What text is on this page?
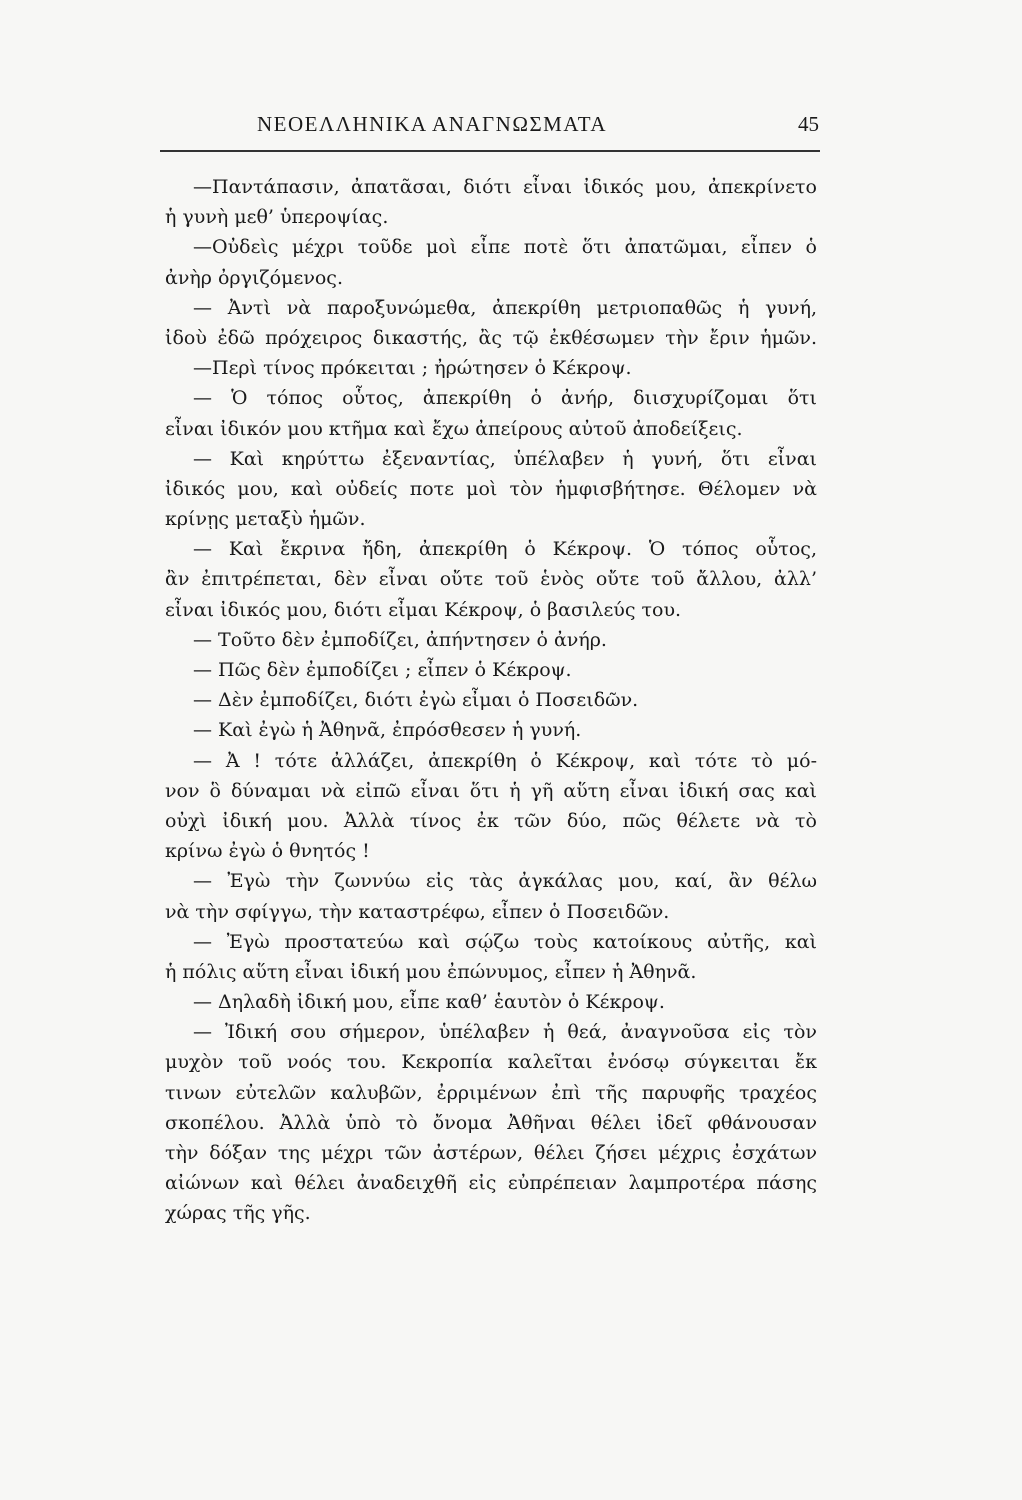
ΝΕΟΕΛΛΗΝΙΚΑ ΑΝΑΓΝΩΣΜΑΤΑ	45
—Παντάπασιν, ἀπατᾶσαι, διότι εἶναι ἰδικός μου, ἀπεκρίνετο
ἡ γυνὴ μεθ’ ὑπεροψίας.
—Οὐδεὶς μέχρι τοῦδε μοὶ εἶπε ποτὲ ὅτι ἀπατῶμαι, εἶπεν ὁ
ἀνὴρ ὀργιζόμενος.
— Ἀντὶ νὰ παροξυνώμεθα, ἀπεκρίθη μετριοπαθῶς ἡ γυνή,
ἰδοὺ ἐδῶ πρόχειρος δικαστής, ἂς τῷ ἐκθέσωμεν τὴν ἔριν ἡμῶν.
—Περὶ τίνος πρόκειται ; ἠρώτησεν ὁ Κέκροψ.
— Ὁ τόπος οὗτος, ἀπεκρίθη ὁ ἀνήρ, διισχυρίζομαι ὅτι
εἶναι ἰδικόν μου κτῆμα καὶ ἔχω ἀπείρους αὐτοῦ ἀποδείξεις.
— Καὶ κηρύττω ἐξεναντίας, ὑπέλαβεν ἡ γυνή, ὅτι εἶναι
ἰδικός μου, καὶ οὐδείς ποτε μοὶ τὸν ἡμφισβήτησε. Θέλομεν νὰ
κρίνῃς μεταξὺ ἡμῶν.
— Καὶ ἔκρινα ἤδη, ἀπεκρίθη ὁ Κέκροψ. Ὁ τόπος οὗτος,
ἂν ἐπιτρέπεται, δὲν εἶναι οὔτε τοῦ ἑνὸς οὔτε τοῦ ἄλλου, ἀλλ’
εἶναι ἰδικός μου, διότι εἶμαι Κέκροψ, ὁ βασιλεύς του.
— Τοῦτο δὲν ἐμποδίζει, ἀπήντησεν ὁ ἀνήρ.
— Πῶς δὲν ἐμποδίζει ; εἶπεν ὁ Κέκροψ.
— Δὲν ἐμποδίζει, διότι ἐγὼ εἶμαι ὁ Ποσειδῶν.
— Καὶ ἐγὼ ἡ Ἀθηνᾶ, ἐπρόσθεσεν ἡ γυνή.
— Ἀ ! τότε ἀλλάζει, ἀπεκρίθη ὁ Κέκροψ, καὶ τότε τὸ μό-
νον ὃ δύναμαι νὰ εἰπῶ εἶναι ὅτι ἡ γῆ αὕτη εἶναι ἰδική σας καὶ
οὐχὶ ἰδική μου. Ἀλλὰ τίνος ἐκ τῶν δύο, πῶς θέλετε νὰ τὸ
κρίνω ἐγὼ ὁ θνητός !
— Ἐγὼ τὴν ζωννύω εἰς τὰς ἀγκάλας μου, καί, ἂν θέλω
νὰ τὴν σφίγγω, τὴν καταστρέφω, εἶπεν ὁ Ποσειδῶν.
— Ἐγὼ προστατεύω καὶ σῴζω τοὺς κατοίκους αὐτῆς, καὶ
ἡ πόλις αὕτη εἶναι ἰδική μου ἐπώνυμος, εἶπεν ἡ Ἀθηνᾶ.
— Δηλαδὴ ἰδική μου, εἶπε καθ’ ἑαυτὸν ὁ Κέκροψ.
— Ἰδική σου σήμερον, ὑπέλαβεν ἡ θεά, ἀναγνοῦσα εἰς τὸν
μυχὸν τοῦ νοός του. Κεκροπία καλεῖται ἐνόσῳ σύγκειται ἔκ
τινων εὐτελῶν καλυβῶν, ἐρριμένων ἐπὶ τῆς παρυφῆς τραχέος
σκοπέλου. Ἀλλὰ ὑπὸ τὸ ὄνομα Ἀθῆναι θέλει ἰδεῖ φθάνουσαν
τὴν δόξαν της μέχρι τῶν ἀστέρων, θέλει ζήσει μέχρις ἐσχάτων
αἰώνων καὶ θέλει ἀναδειχθῆ εἰς εὐπρέπειαν λαμπροτέρα πάσης
χώρας τῆς γῆς.
